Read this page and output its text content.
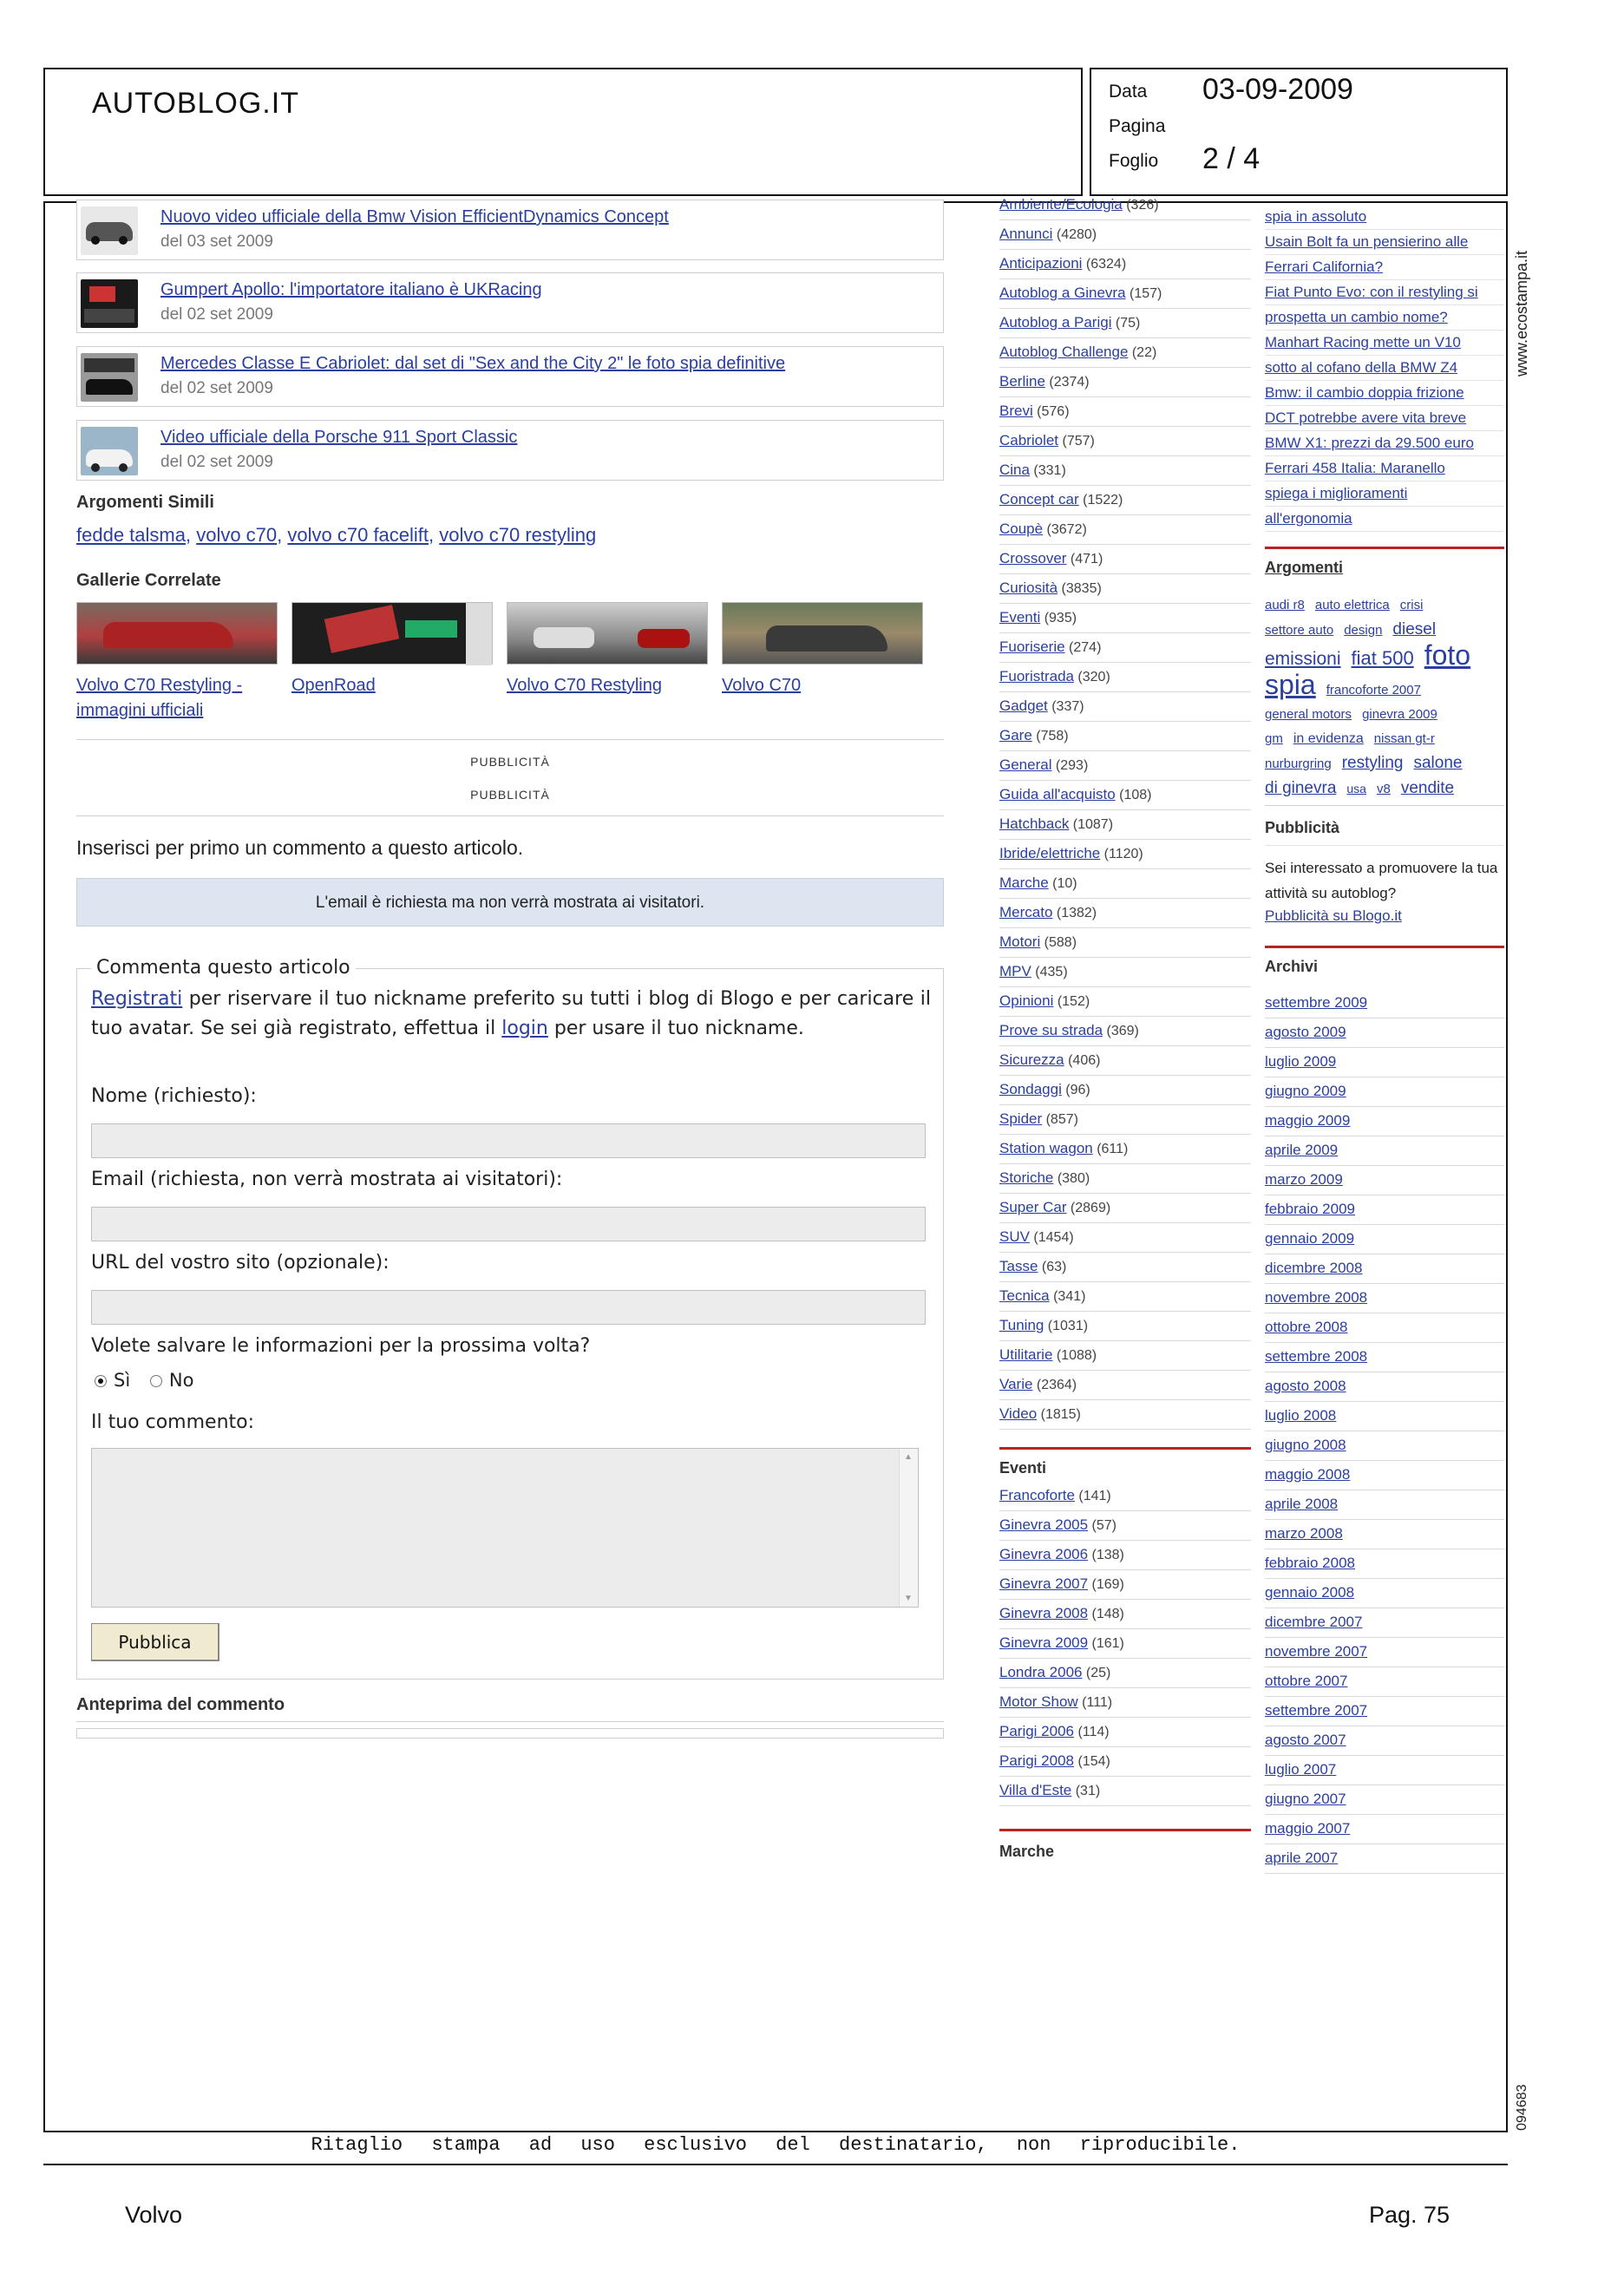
AUTOBLOG.IT	Data 03-09-2009
Pagina
Foglio 2 / 4
Nuovo video ufficiale della Bmw Vision EfficientDynamics Concept
del 03 set 2009
Gumpert Apollo: l'importatore italiano è UKRacing
del 02 set 2009
Mercedes Classe E Cabriolet: dal set di "Sex and the City 2" le foto spia definitive
del 02 set 2009
Video ufficiale della Porsche 911 Sport Classic
del 02 set 2009
Argomenti Simili
fedde talsma, volvo c70, volvo c70 facelift, volvo c70 restyling
Gallerie Correlate
Volvo C70 Restyling - immagini ufficiali
OpenRoad	Volvo C70 Restyling	Volvo C70
PUBBLICITÀ
PUBBLICITÀ
Inserisci per primo un commento a questo articolo.
L'email è richiesta ma non verrà mostrata ai visitatori.
Commenta questo articolo
Registrati per riservare il tuo nickname preferito su tutti i blog di Blogo e per caricare il tuo avatar. Se sei già registrato, effettua il login per usare il tuo nickname.
Nome (richiesto):
Email (richiesta, non verrà mostrata ai visitatori):
URL del vostro sito (opzionale):
Volete salvare le informazioni per la prossima volta?
Sì No
Il tuo commento:
▲
▼
Pubblica
Anteprima del commento
Ambiente/Ecologia (326)
Annunci (4280)
Anticipazioni (6324)
Autoblog a Ginevra (157)
Autoblog a Parigi (75)
Autoblog Challenge (22)
Berline (2374)
Brevi (576)
Cabriolet (757)
Cina (331)
Concept car (1522)
Coupè (3672)
Crossover (471)
Curiosità (3835)
Eventi (935)
Fuoriserie (274)
Fuoristrada (320)
Gadget (337)
Gare (758)
General (293)
Guida all'acquisto (108)
Hatchback (1087)
Ibride/elettriche (1120)
Marche (10)
Mercato (1382)
Motori (588)
MPV (435)
Opinioni (152)
Prove su strada (369)
Sicurezza (406)
Sondaggi (96)
Spider (857)
Station wagon (611)
Storiche (380)
Super Car (2869)
SUV (1454)
Tasse (63)
Tecnica (341)
Tuning (1031)
Utilitarie (1088)
Varie (2364)
Video (1815)
Eventi
Francoforte (141)
Ginevra 2005 (57)
Ginevra 2006 (138)
Ginevra 2007 (169)
Ginevra 2008 (148)
Ginevra 2009 (161)
Londra 2006 (25)
Motor Show (111)
Parigi 2006 (114)
Parigi 2008 (154)
Villa d'Este (31)
Marche
spia in assoluto
Usain Bolt fa un pensierino alle
Ferrari California?
Fiat Punto Evo: con il restyling si
prospetta un cambio nome?
Manhart Racing mette un V10
sotto al cofano della BMW Z4
Bmw: il cambio doppia frizione
DCT potrebbe avere vita breve
BMW X1: prezzi da 29.500 euro
Ferrari 458 Italia: Maranello
spiega i miglioramenti
all'ergonomia
Argomenti
audi r8 auto elettrica crisi
settore auto design diesel
emissioni fiat 500 foto
spia francoforte 2007
general motors ginevra 2009
gm in evidenza nissan gt-r
nurburgring restyling salone
di ginevra usa v8 vendite
Pubblicità
Sei interessato a promuovere la tua attività su autoblog?
Pubblicità su Blogo.it
Archivi
settembre 2009
agosto 2009
luglio 2009
giugno 2009
maggio 2009
aprile 2009
marzo 2009
febbraio 2009
gennaio 2009
dicembre 2008
novembre 2008
ottobre 2008
settembre 2008
agosto 2008
luglio 2008
giugno 2008
maggio 2008
aprile 2008
marzo 2008
febbraio 2008
gennaio 2008
dicembre 2007
novembre 2007
ottobre 2007
settembre 2007
agosto 2007
luglio 2007
giugno 2007
maggio 2007
aprile 2007
www.ecostampa.it
094683
Ritaglio stampa ad uso esclusivo del destinatario, non riproducibile.
Volvo	Pag. 75
